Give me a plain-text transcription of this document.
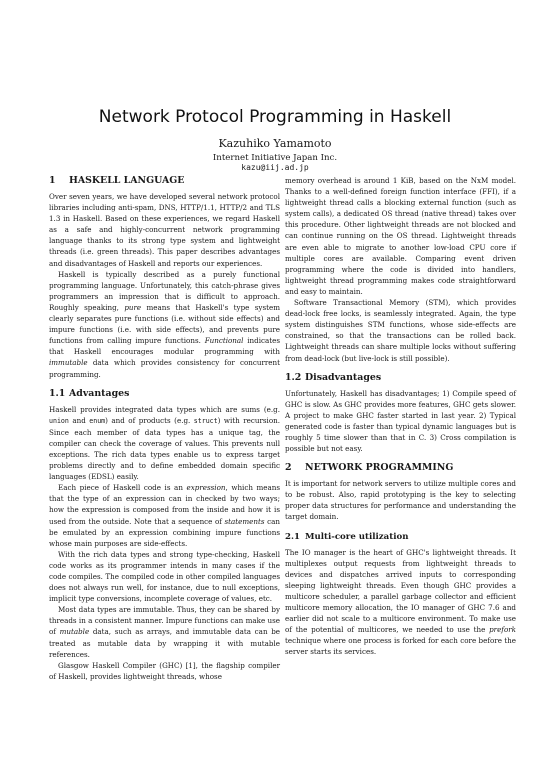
Network Protocol Programming in Haskell
Kazuhiko Yamamoto
Internet Initiative Japan Inc.
kazu@iij.ad.jp
1 HASKELL LANGUAGE

Over seven years, we have developed several network protocol libraries including anti-spam, DNS, HTTP/1.1, HTTP/2 and TLS 1.3 in Haskell. Based on these experiences, we regard Haskell as a safe and highly-concurrent network programming language thanks to its strong type system and lightweight threads (i.e. green threads). This paper describes advantages and disadvantages of Haskell and reports our experiences.

Haskell is typically described as a purely functional programming language. Unfortunately, this catch-phrase gives programmers an impression that is difficult to approach. Roughly speaking, pure means that Haskell's type system clearly separates pure functions (i.e. without side effects) and impure functions (i.e. with side effects), and prevents pure functions from calling impure functions. Functional indicates that Haskell encourages modular programming with immutable data which provides consistency for concurrent programming.

1.1 Advantages

Haskell provides integrated data types which are sums (e.g. union and enum) and of products (e.g. struct) with recursion. Since each member of data types has a unique tag, the compiler can check the coverage of values. This prevents null exceptions. The rich data types enable us to express target problems directly and to define embedded domain specific languages (EDSL) easily.

Each piece of Haskell code is an expression, which means that the type of an expression can in checked by two ways; how the expression is composed from the inside and how it is used from the outside. Note that a sequence of statements can be emulated by an expression combining impure functions whose main purposes are side-effects.

With the rich data types and strong type-checking, Haskell code works as its programmer intends in many cases if the code compiles. The compiled code in other compiled languages does not always run well, for instance, due to null exceptions, implicit type conversions, incomplete coverage of values, etc.

Most data types are immutable. Thus, they can be shared by threads in a consistent manner. Impure functions can make use of mutable data, such as arrays, and immutable data can be treated as mutable data by wrapping it with mutable references.

Glasgow Haskell Compiler (GHC) [1], the flagship compiler of Haskell, provides lightweight threads, whose

memory overhead is around 1 KiB, based on the NxM model. Thanks to a well-defined foreign function interface (FFI), if a lightweight thread calls a blocking external function (such as system calls), a dedicated OS thread (native thread) takes over this procedure. Other lightweight threads are not blocked and can continue running on the OS thread. Lightweight threads are even able to migrate to another low-load CPU core if multiple cores are available. Comparing event driven programming where the code is divided into handlers, lightweight thread programming makes code straightforward and easy to maintain.

Software Transactional Memory (STM), which provides dead-lock free locks, is seamlessly integrated. Again, the type system distinguishes STM functions, whose side-effects are constrained, so that the transactions can be rolled back. Lightweight threads can share multiple locks without suffering from dead-lock (but live-lock is still possible).

1.2 Disadvantages

Unfortunately, Haskell has disadvantages; 1) Compile speed of GHC is slow. As GHC provides more features, GHC gets slower. A project to make GHC faster started in last year. 2) Typical generated code is faster than typical dynamic languages but is roughly 5 time slower than that in C. 3) Cross compilation is possible but not easy.

2 NETWORK PROGRAMMING

It is important for network servers to utilize multiple cores and to be robust. Also, rapid prototyping is the key to selecting proper data structures for performance and understanding the target domain.

2.1 Multi-core utilization

The IO manager is the heart of GHC's lightweight threads. It multiplexes output requests from lightweight threads to devices and dispatches arrived inputs to corresponding sleeping lightweight threads. Even though GHC provides a multicore scheduler, a parallel garbage collector and efficient multicore memory allocation, the IO manager of GHC 7.6 and earlier did not scale to a multicore environment. To make use of the potential of multicores, we needed to use the prefork technique where one process is forked for each core before the server starts its services.
